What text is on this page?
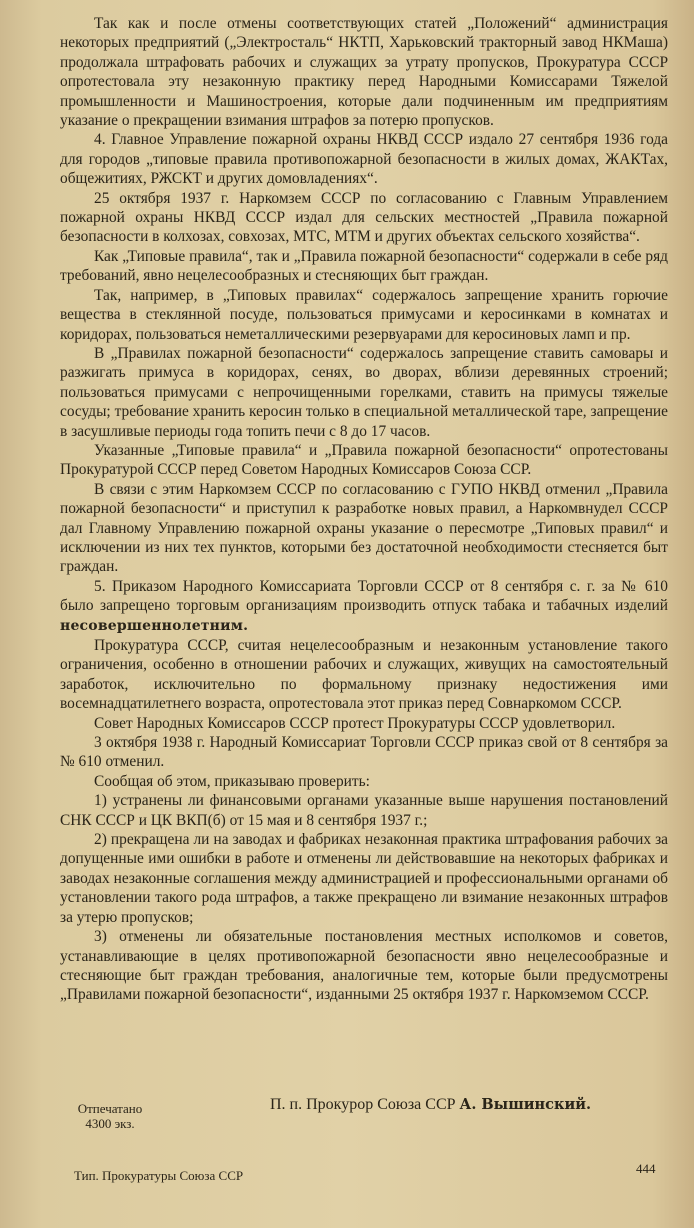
Так как и после отмены соответствующих статей „Положений“ администрация некоторых предприятий („Электросталь“ НКТП, Харьковский тракторный завод НКМаша) продолжала штрафовать рабочих и служащих за утрату пропусков, Прокуратура СССР опротестовала эту незаконную практику перед Народными Комиссарами Тяжелой промышленности и Машиностроения, которые дали подчиненным им предприятиям указание о прекращении взимания штрафов за потерю пропусков.

4. Главное Управление пожарной охраны НКВД СССР издало 27 сентября 1936 года для городов „типовые правила противопожарной безопасности в жилых домах, ЖАКТах, общежитиях, РЖСКТ и других домовладениях“.

25 октября 1937 г. Наркомзем СССР по согласованию с Главным Управлением пожарной охраны НКВД СССР издал для сельских местностей „Правила пожарной безопасности в колхозах, совхозах, МТС, МТМ и других объектах сельского хозяйства“.

Как „Типовые правила“, так и „Правила пожарной безопасности“ содержали в себе ряд требований, явно нецелесообразных и стесняющих быт граждан.

Так, например, в „Типовых правилах“ содержалось запрещение хранить горючие вещества в стеклянной посуде, пользоваться примусами и керосинками в комнатах и коридорах, пользоваться неметаллическими резервуарами для керосиновых ламп и пр.

В „Правилах пожарной безопасности“ содержалось запрещение ставить самовары и разжигать примуса в коридорах, сенях, во дворах, вблизи деревянных строений; пользоваться примусами с непрочищенными горелками, ставить на примусы тяжелые сосуды; требование хранить керосин только в специальной металлической таре, запрещение в засушливые периоды года топить печи с 8 до 17 часов.

Указанные „Типовые правила“ и „Правила пожарной безопасности“ опротестованы Прокуратурой СССР перед Советом Народных Комиссаров Союза ССР.

В связи с этим Наркомзем СССР по согласованию с ГУПО НКВД отменил „Правила пожарной безопасности“ и приступил к разработке новых правил, а Наркомвнудел СССР дал Главному Управлению пожарной охраны указание о пересмотре „Типовых правил“ и исключении из них тех пунктов, которыми без достаточной необходимости стесняется быт граждан.

5. Приказом Народного Комиссариата Торговли СССР от 8 сентября с. г. за № 610 было запрещено торговым организациям производить отпуск табака и табачных изделий несовершеннолетним.

Прокуратура СССР, считая нецелесообразным и незаконным установление такого ограничения, особенно в отношении рабочих и служащих, живущих на самостоятельный заработок, исключительно по формальному признаку недостижения ими восемнадцатилетнего возраста, опротестовала этот приказ перед Совнаркомом СССР.

Совет Народных Комиссаров СССР протест Прокуратуры СССР удовлетворил.

3 октября 1938 г. Народный Комиссариат Торговли СССР приказ свой от 8 сентября за № 610 отменил.

Сообщая об этом, приказываю проверить:

1) устранены ли финансовыми органами указанные выше нарушения постановлений СНК СССР и ЦК ВКП(б) от 15 мая и 8 сентября 1937 г.;

2) прекращена ли на заводах и фабриках незаконная практика штрафования рабочих за допущенные ими ошибки в работе и отменены ли действовавшие на некоторых фабриках и заводах незаконные соглашения между администрацией и профессиональными органами об установлении такого рода штрафов, а также прекращено ли взимание незаконных штрафов за утерю пропусков;

3) отменены ли обязательные постановления местных исполкомов и советов, устанавливающие в целях противопожарной безопасности явно нецелесообразные и стесняющие быт граждан требования, аналогичные тем, которые были предусмотрены „Правилами пожарной безопасности“, изданными 25 октября 1937 г. Наркомземом СССР.

Отпечатано
4300 экз.
П. п. Прокурор Союза ССР А. Вышинский.
Тип. Прокуратуры Союза ССР	444
